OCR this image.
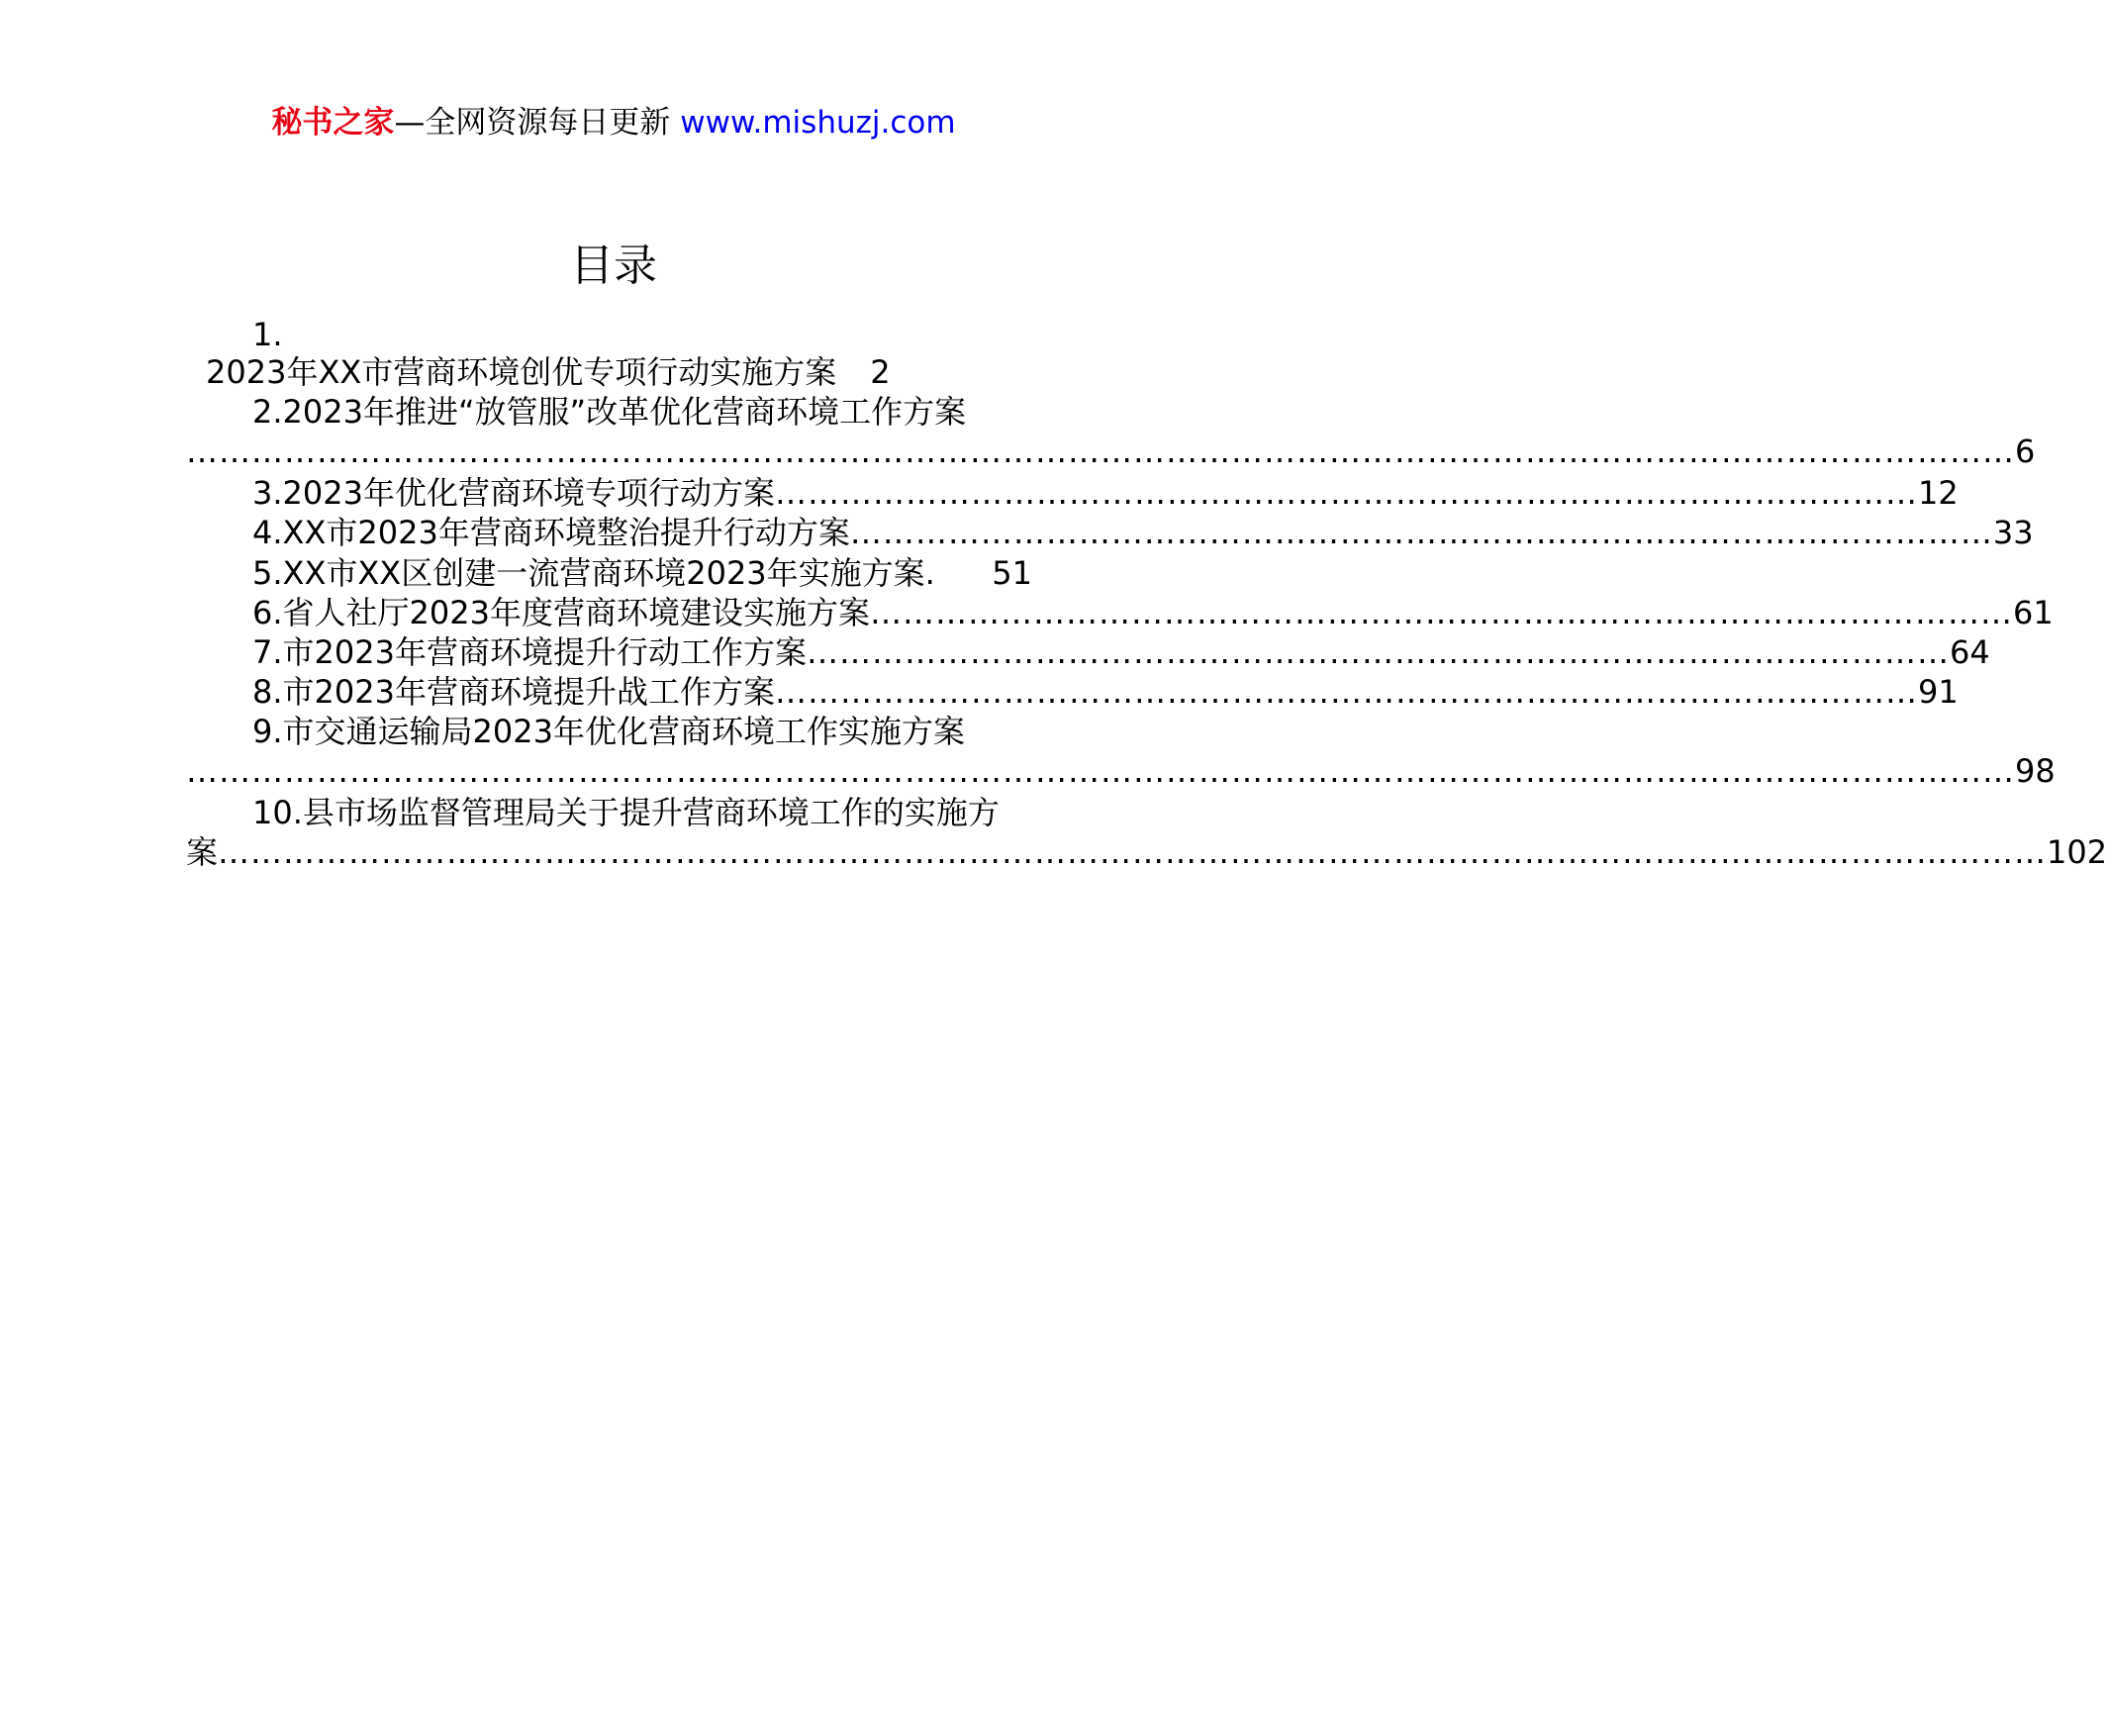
秘书之家—全网资源每日更新 www.mishuzj.com
目录
1.
2023年XX市营商环境创优专项行动实施方案 2
2.2023年推进“放管服”改革优化营商环境工作方案
…………………………………………………………………………………………………………………………………………………… 6
3.2023年优化营商环境专项行动方案 …………………………………………………………………………………………… 12
4.XX市2023年营商环境整治提升行动方案 …………………………………………………………………………………………… 33
5.XX市XX区创建一流营商环境2023年实施方案. 51
6.省人社厅2023年度营商环境建设实施方案 …………………………………………………………………………………………… 61
7.市2023年营商环境提升行动工作方案 …………………………………………………………………………………………… 64
8.市2023年营商环境提升战工作方案 …………………………………………………………………………………………… 91
9.市交通运输局2023年优化营商环境工作实施方案
…………………………………………………………………………………………………………………………………………………… 98
10.县市场监督管理局关于提升营商环境工作的实施方
案 …………………………………………………………………………………………………………………………………………………… 102
